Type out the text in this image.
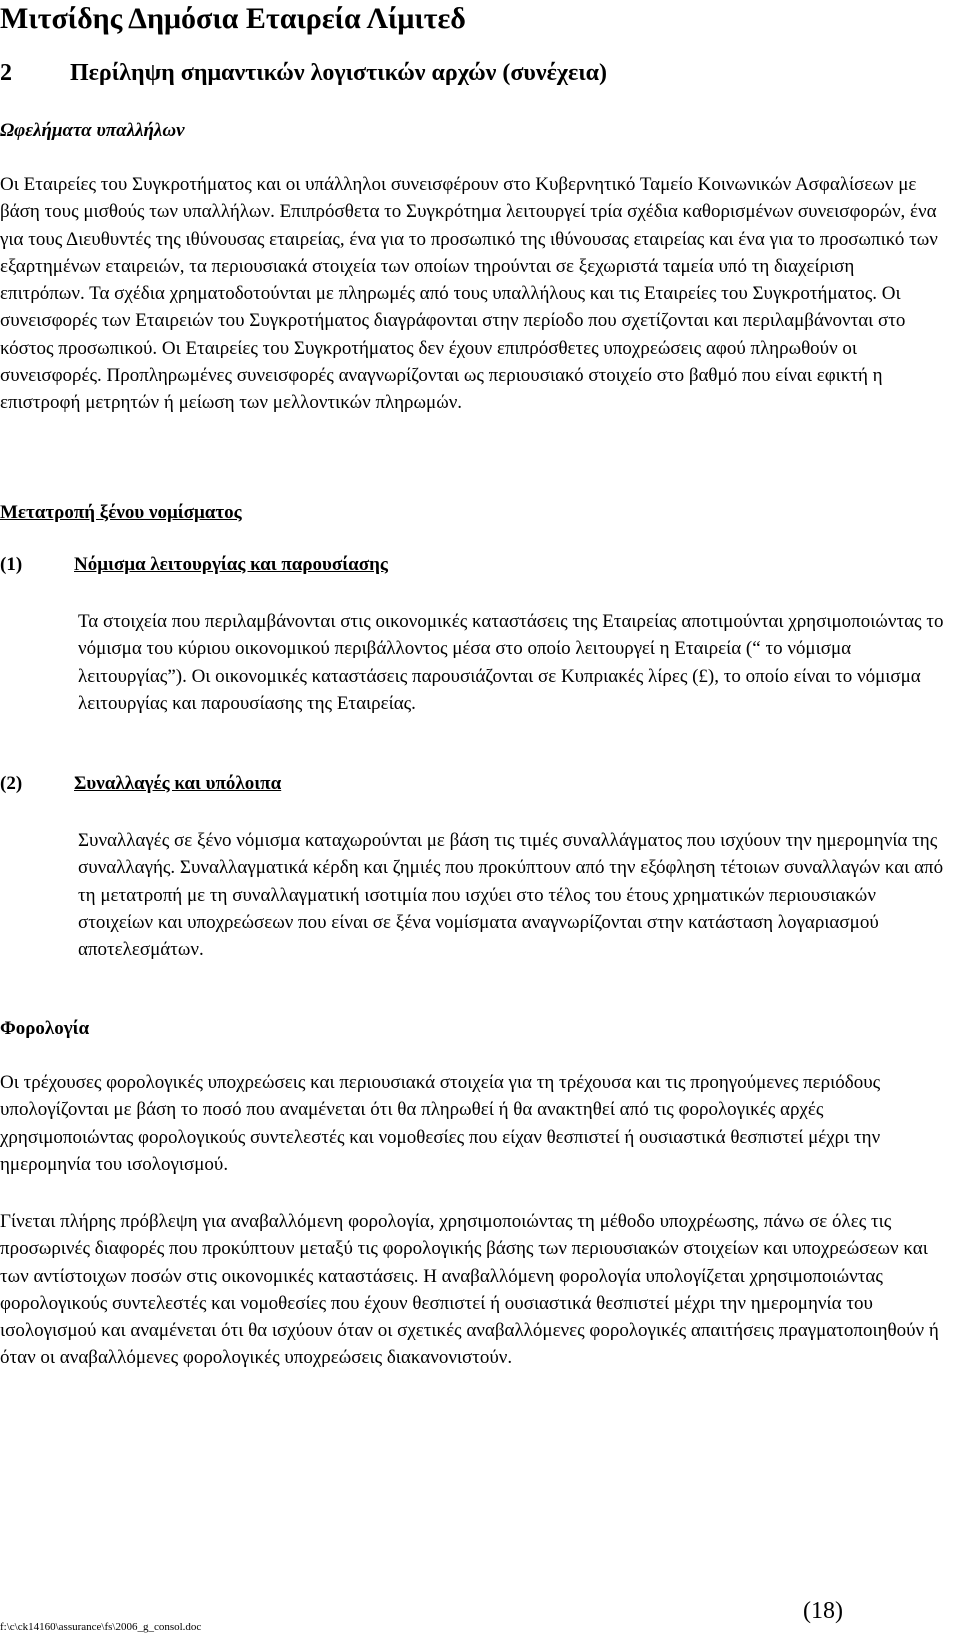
Μιτσίδης Δημόσια Εταιρεία Λίμιτεδ
2 Περίληψη σημαντικών λογιστικών αρχών (συνέχεια)
Ωφελήματα υπαλλήλων

Οι Εταιρείες του Συγκροτήματος και οι υπάλληλοι συνεισφέρουν στο Κυβερνητικό Ταμείο Κοινωνικών Ασφαλίσεων με βάση τους μισθούς των υπαλλήλων. Επιπρόσθετα το Συγκρότημα λειτουργεί τρία σχέδια καθορισμένων συνεισφορών, ένα για τους Διευθυντές της ιθύνουσας εταιρείας, ένα για το προσωπικό της ιθύνουσας εταιρείας και ένα για το προσωπικό των εξαρτημένων εταιρειών, τα περιουσιακά στοιχεία των οποίων τηρούνται σε ξεχωριστά ταμεία υπό τη διαχείριση επιτρόπων. Τα σχέδια χρηματοδοτούνται με πληρωμές από τους υπαλλήλους και τις Εταιρείες του Συγκροτήματος. Οι συνεισφορές των Εταιρειών του Συγκροτήματος διαγράφονται στην περίοδο που σχετίζονται και περιλαμβάνονται στο κόστος προσωπικού. Οι Εταιρείες του Συγκροτήματος δεν έχουν επιπρόσθετες υποχρεώσεις αφού πληρωθούν οι συνεισφορές. Προπληρωμένες συνεισφορές αναγνωρίζονται ως περιουσιακό στοιχείο στο βαθμό που είναι εφικτή η επιστροφή μετρητών ή μείωση των μελλοντικών πληρωμών.

Μετατροπή ξένου νομίσματος
(1)	Νόμισμα λειτουργίας και παρουσίασης

Τα στοιχεία που περιλαμβάνονται στις οικονομικές καταστάσεις της Εταιρείας αποτιμούνται χρησιμοποιώντας το νόμισμα του κύριου οικονομικού περιβάλλοντος μέσα στο οποίο λειτουργεί η Εταιρεία (“ το νόμισμα λειτουργίας”). Οι οικονομικές καταστάσεις παρουσιάζονται σε Κυπριακές λίρες (£), το οποίο είναι το νόμισμα λειτουργίας και παρουσίασης της Εταιρείας.

(2)	Συναλλαγές και υπόλοιπα

Συναλλαγές σε ξένο νόμισμα καταχωρούνται με βάση τις τιμές συναλλάγματος που ισχύουν την ημερομηνία της συναλλαγής. Συναλλαγματικά κέρδη και ζημιές που προκύπτουν από την εξόφληση τέτοιων συναλλαγών και από τη μετατροπή με τη συναλλαγματική ισοτιμία που ισχύει στο τέλος του έτους χρηματικών περιουσιακών στοιχείων και υποχρεώσεων που είναι σε ξένα νομίσματα αναγνωρίζονται στην κατάσταση λογαριασμού αποτελεσμάτων.

Φορολογία

Οι τρέχουσες φορολογικές υποχρεώσεις και περιουσιακά στοιχεία για τη τρέχουσα και τις προηγούμενες περιόδους υπολογίζονται με βάση το ποσό που αναμένεται ότι θα πληρωθεί ή θα ανακτηθεί από τις φορολογικές αρχές χρησιμοποιώντας φορολογικούς συντελεστές και νομοθεσίες που είχαν θεσπιστεί ή ουσιαστικά θεσπιστεί μέχρι την ημερομηνία του ισολογισμού.

Γίνεται πλήρης πρόβλεψη για αναβαλλόμενη φορολογία, χρησιμοποιώντας τη μέθοδο υποχρέωσης, πάνω σε όλες τις προσωρινές διαφορές που προκύπτουν μεταξύ τις φορολογικής βάσης των περιουσιακών στοιχείων και υποχρεώσεων και των αντίστοιχων ποσών στις οικονομικές καταστάσεις. Η αναβαλλόμενη φορολογία υπολογίζεται χρησιμοποιώντας φορολογικούς συντελεστές και νομοθεσίες που έχουν θεσπιστεί ή ουσιαστικά θεσπιστεί μέχρι την ημερομηνία του ισολογισμού και αναμένεται ότι θα ισχύουν όταν οι σχετικές αναβαλλόμενες φορολογικές απαιτήσεις πραγματοποιηθούν ή όταν οι αναβαλλόμενες φορολογικές υποχρεώσεις διακανονιστούν.

f:\c\ck14160\assurance\fs\2006_g_consol.doc
(18)
